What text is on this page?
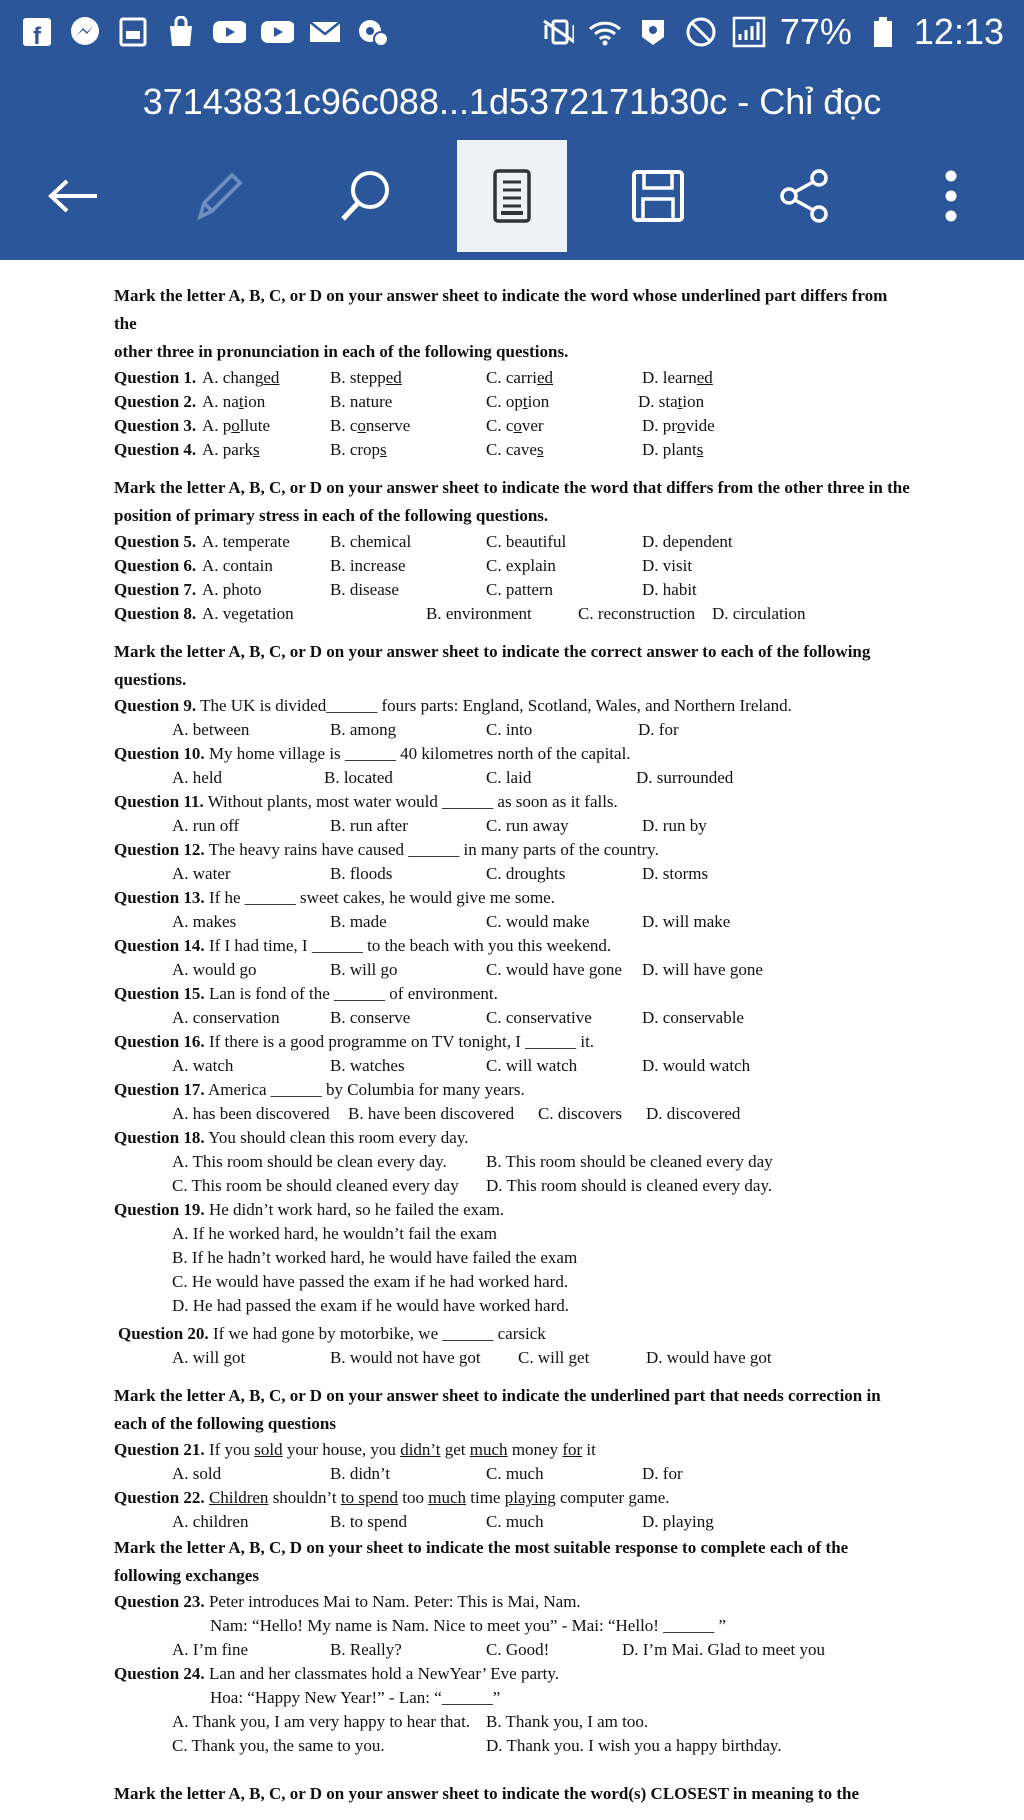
f	77% 12:13
37143831c96c088...1d5372171b30c - Chỉ đọc
Mark the letter A, B, C, or D on your answer sheet to indicate the word whose underlined part differs from the
other three in pronunciation in each of the following questions.
Question 1. A. changed	B. stepped	C. carried	D. learned
Question 2. A. nation	B. nature	C. option	D. station
Question 3. A. pollute	B. conserve	C. cover	D. provide
Question 4. A. parks	B. crops	C. caves	D. plants
Mark the letter A, B, C, or D on your answer sheet to indicate the word that differs from the other three in the
position of primary stress in each of the following questions.
Question 5. A. temperate B. chemical	C. beautiful	D. dependent
Question 6. A. contain	B. increase	C. explain	D. visit
Question 7. A. photo	B. disease	C. pattern	D. habit
Question 8. A. vegetation	B. environment	C. reconstruction D. circulation
Mark the letter A, B, C, or D on your answer sheet to indicate the correct answer to each of the following
questions.
Question 9. The UK is divided______ fours parts: England, Scotland, Wales, and Northern Ireland.
A. between	B. among	C. into	D. for
Question 10. My home village is ______ 40 kilometres north of the capital.
A. held	B. located	C. laid	D. surrounded
Question 11. Without plants, most water would ______ as soon as it falls.
A. run off	B. run after	C. run away	D. run by
Question 12. The heavy rains have caused ______ in many parts of the country.
A. water	B. floods	C. droughts	D. storms
Question 13. If he ______ sweet cakes, he would give me some.
A. makes	B. made	C. would make	D. will make
Question 14. If I had time, I ______ to the beach with you this weekend.
A. would go	B. will go	C. would have gone D. will have gone
Question 15. Lan is fond of the ______ of environment.
A. conservation	B. conserve	C. conservative	D. conservable
Question 16. If there is a good programme on TV tonight, I ______ it.
A. watch	B. watches	C. will watch	D. would watch
Question 17. America ______ by Columbia for many years.
A. has been discovered B. have been discovered C. discovers D. discovered
Question 18. You should clean this room every day.
A. This room should be clean every day. B. This room should be cleaned every day
C. This room be should cleaned every day D. This room should is cleaned every day.
Question 19. He didn’t work hard, so he failed the exam.
A. If he worked hard, he wouldn’t fail the exam
B. If he hadn’t worked hard, he would have failed the exam
C. He would have passed the exam if he had worked hard.
D. He had passed the exam if he would have worked hard.
Question 20. If we had gone by motorbike, we ______ carsick
A. will got	B. would not have got C. will get	D. would have got
Mark the letter A, B, C, or D on your answer sheet to indicate the underlined part that needs correction in
each of the following questions
Question 21. If you sold your house, you didn’t get much money for it
A. sold	B. didn’t	C. much	D. for
Question 22. Children shouldn’t to spend too much time playing computer game.
A. children	B. to spend	C. much	D. playing
Mark the letter A, B, C, D on your sheet to indicate the most suitable response to complete each of the
following exchanges
Question 23. Peter introduces Mai to Nam. Peter: This is Mai, Nam.
Nam: “Hello! My name is Nam. Nice to meet you” - Mai: “Hello! ______ ”
A. I’m fine	B. Really?	C. Good!	D. I’m Mai. Glad to meet you
Question 24. Lan and her classmates hold a NewYear’ Eve party.
Hoa: “Happy New Year!” - Lan: “______”
A. Thank you, I am very happy to hear that. B. Thank you, I am too.
C. Thank you, the same to you.	D. Thank you. I wish you a happy birthday.
Mark the letter A, B, C, or D on your answer sheet to indicate the word(s) CLOSEST in meaning to the
